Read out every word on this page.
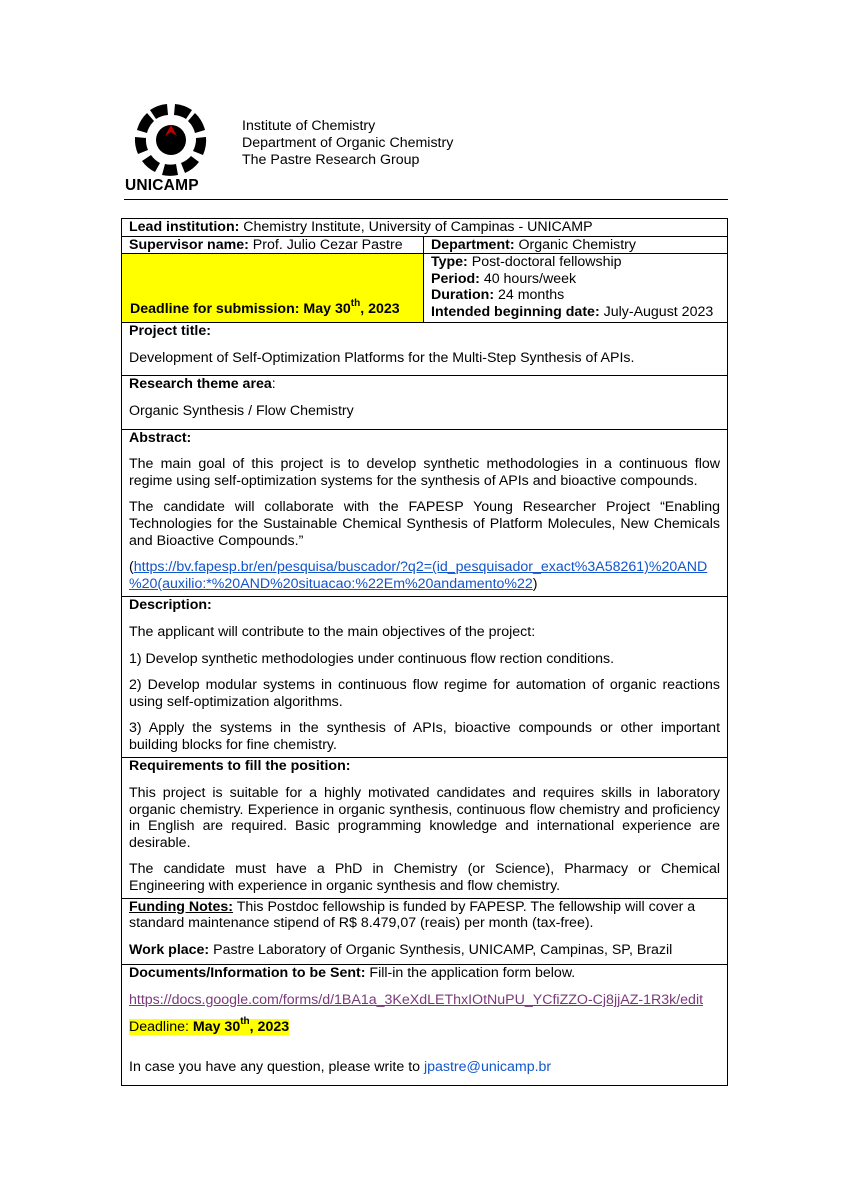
UNICAMP
Institute of Chemistry
Department of Organic Chemistry
The Pastre Research Group
Lead institution: Chemistry Institute, University of Campinas - UNICAMP	
Supervisor name: Prof. Julio Cezar Pastre	Department: Organic Chemistry

Deadline for submission: May 30th, 2023	Type: Post-doctoral fellowship
Period: 40 hours/week
Duration: 24 months
Intended beginning date: July-August 2023

Project title:

Development of Self-Optimization Platforms for the Multi-Step Synthesis of APIs.	

Research theme area:

Organic Synthesis / Flow Chemistry	

Abstract:

The main goal of this project is to develop synthetic methodologies in a continuous flow regime using self-optimization systems for the synthesis of APIs and bioactive compounds.

The candidate will collaborate with the FAPESP Young Researcher Project “Enabling Technologies for the Sustainable Chemical Synthesis of Platform Molecules, New Chemicals and Bioactive Compounds.”

(https://bv.fapesp.br/en/pesquisa/buscador/?q2=(id_pesquisador_exact%3A58261)%20AND
%20(auxilio:*%20AND%20situacao:%22Em%20andamento%22)	

Description:

The applicant will contribute to the main objectives of the project:

1) Develop synthetic methodologies under continuous flow rection conditions.

2) Develop modular systems in continuous flow regime for automation of organic reactions using self-optimization algorithms.

3) Apply the systems in the synthesis of APIs, bioactive compounds or other important building blocks for fine chemistry.	

Requirements to fill the position:

This project is suitable for a highly motivated candidates and requires skills in laboratory organic chemistry. Experience in organic synthesis, continuous flow chemistry and proficiency in English are required. Basic programming knowledge and international experience are desirable.

The candidate must have a PhD in Chemistry (or Science), Pharmacy or Chemical Engineering with experience in organic synthesis and flow chemistry.	

Funding Notes: This Postdoc fellowship is funded by FAPESP. The fellowship will cover a standard maintenance stipend of R$ 8.479,07 (reais) per month (tax-free).

Work place: Pastre Laboratory of Organic Synthesis, UNICAMP, Campinas, SP, Brazil	

Documents/Information to be Sent: Fill-in the application form below.

https://docs.google.com/forms/d/1BA1a_3KeXdLEThxIOtNuPU_YCfiZZO-Cj8jjAZ-1R3k/edit

Deadline: May 30th, 2023

In case you have any question, please write to jpastre@unicamp.br	
